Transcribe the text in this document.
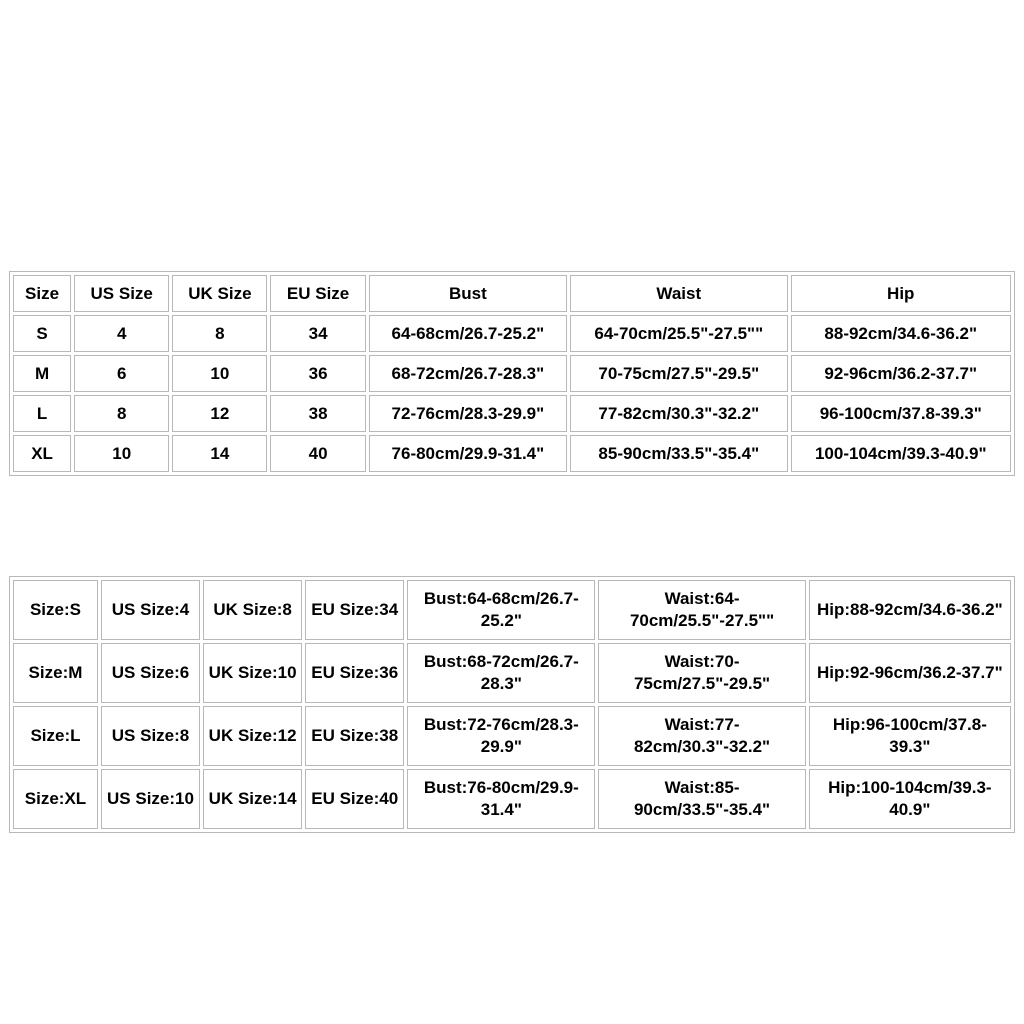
Size	US Size	UK Size	EU Size	Bust	Waist	Hip
S	4	8	34	64-68cm/26.7-25.2"	64-70cm/25.5"-27.5""	88-92cm/34.6-36.2"
M	6	10	36	68-72cm/26.7-28.3"	70-75cm/27.5"-29.5"	92-96cm/36.2-37.7"
L	8	12	38	72-76cm/28.3-29.9"	77-82cm/30.3"-32.2"	96-100cm/37.8-39.3"
XL	10	14	40	76-80cm/29.9-31.4"	85-90cm/33.5"-35.4"	100-104cm/39.3-40.9"
Size:S	US Size:4	UK Size:8	EU Size:34	Bust:64-68cm/26.7-25.2"	Waist:64-70cm/25.5"-27.5""	Hip:88-92cm/34.6-36.2"
Size:M	US Size:6	UK Size:10	EU Size:36	Bust:68-72cm/26.7-28.3"	Waist:70-75cm/27.5"-29.5"	Hip:92-96cm/36.2-37.7"
Size:L	US Size:8	UK Size:12	EU Size:38	Bust:72-76cm/28.3-29.9"	Waist:77-82cm/30.3"-32.2"	Hip:96-100cm/37.8-39.3"
Size:XL	US Size:10	UK Size:14	EU Size:40	Bust:76-80cm/29.9-31.4"	Waist:85-90cm/33.5"-35.4"	Hip:100-104cm/39.3-40.9"
